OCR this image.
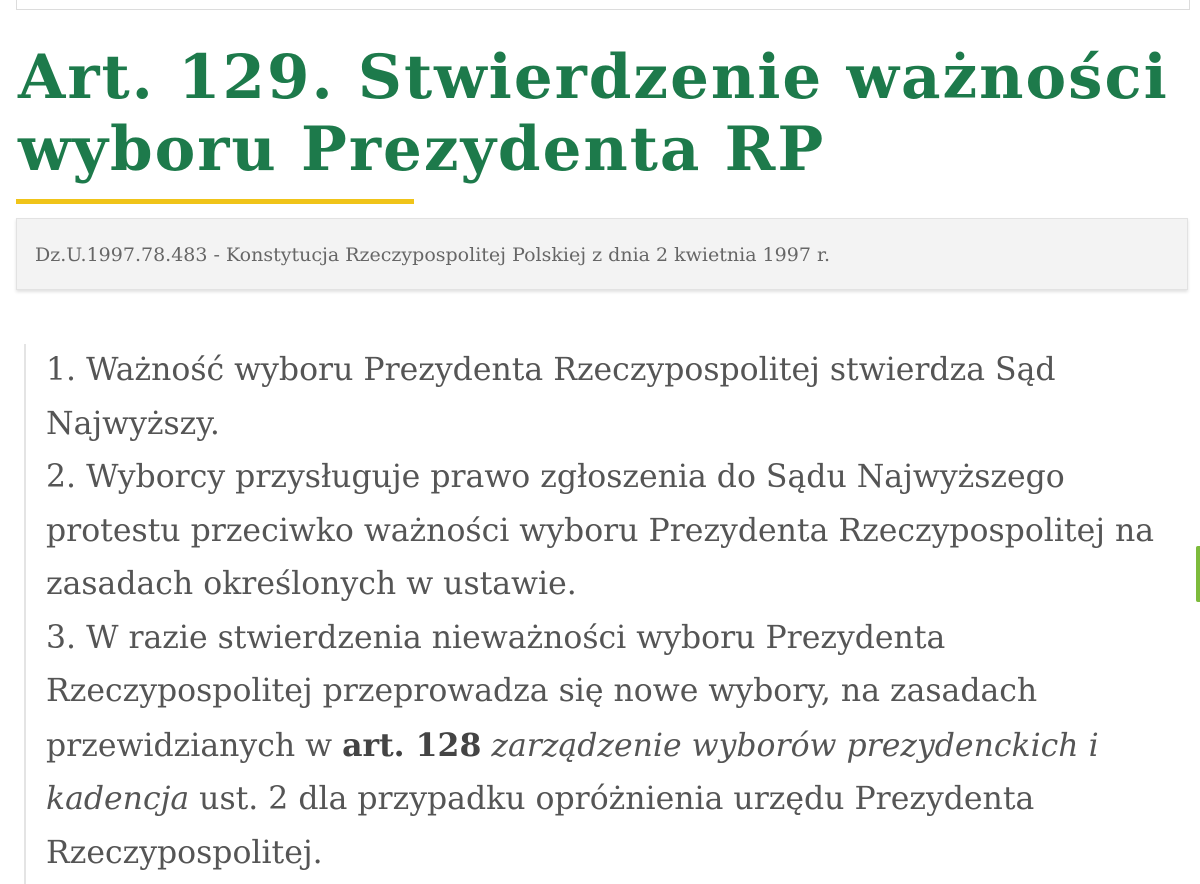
Art. 129. Stwierdzenie ważności wyboru Prezydenta RP
Dz.U.1997.78.483 - Konstytucja Rzeczypospolitej Polskiej z dnia 2 kwietnia 1997 r.
1. Ważność wyboru Prezydenta Rzeczypospolitej stwierdza Sąd Najwyższy.
2. Wyborcy przysługuje prawo zgłoszenia do Sądu Najwyższego protestu przeciwko ważności wyboru Prezydenta Rzeczypospolitej na zasadach określonych w ustawie.
3. W razie stwierdzenia nieważności wyboru Prezydenta Rzeczypospolitej przeprowadza się nowe wybory, na zasadach przewidzianych w art. 128 zarządzenie wyborów prezydenckich i kadencja ust. 2 dla przypadku opróżnienia urzędu Prezydenta Rzeczypospolitej.
